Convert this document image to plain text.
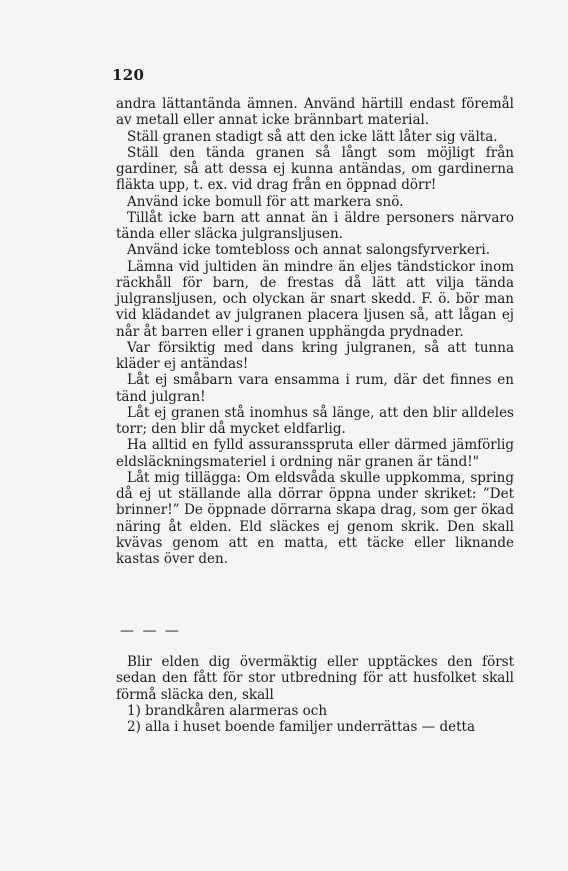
120

andra lättantända ämnen. Använd härtill endast föremål av metall eller annat icke brännbart material.

Ställ granen stadigt så att den icke lätt låter sig välta.

Ställ den tända granen så långt som möjligt från gardiner, så att dessa ej kunna antändas, om gardinerna fläkta upp, t. ex. vid drag från en öppnad dörr!

Använd icke bomull för att markera snö.

Tillåt icke barn att annat än i äldre personers närvaro tända eller släcka julgransljusen.

Använd icke tomtebloss och annat salongsfyrverkeri.

Lämna vid jultiden än mindre än eljes tändstickor inom räckhåll för barn, de frestas då lätt att vilja tända julgransljusen, och olyckan är snart skedd. F. ö. bör man vid klädandet av julgranen placera ljusen så, att lågan ej når åt barren eller i granen upphängda prydnader.

Var försiktig med dans kring julgranen, så att tunna kläder ej antändas!

Låt ej småbarn vara ensamma i rum, där det finnes en tänd julgran!

Låt ej granen stå inomhus så länge, att den blir alldeles torr; den blir då mycket eldfarlig.

Ha alltid en fylld assuransspruta eller därmed jämförlig eldsläckningsmateriel i ordning när granen är tänd!"

Låt mig tillägga: Om eldsvåda skulle uppkomma, spring då ej ut ställande alla dörrar öppna under skriket: ”Det brinner!” De öppnade dörrarna skapa drag, som ger ökad näring åt elden. Eld släckes ej genom skrik. Den skall kvävas genom att en matta, ett täcke eller liknande kastas över den.

— — —

Blir elden dig övermäktig eller upptäckes den först sedan den fått för stor utbredning för att husfolket skall förmå släcka den, skall

1) brandkåren alarmeras och

2) alla i huset boende familjer underrättas — detta
